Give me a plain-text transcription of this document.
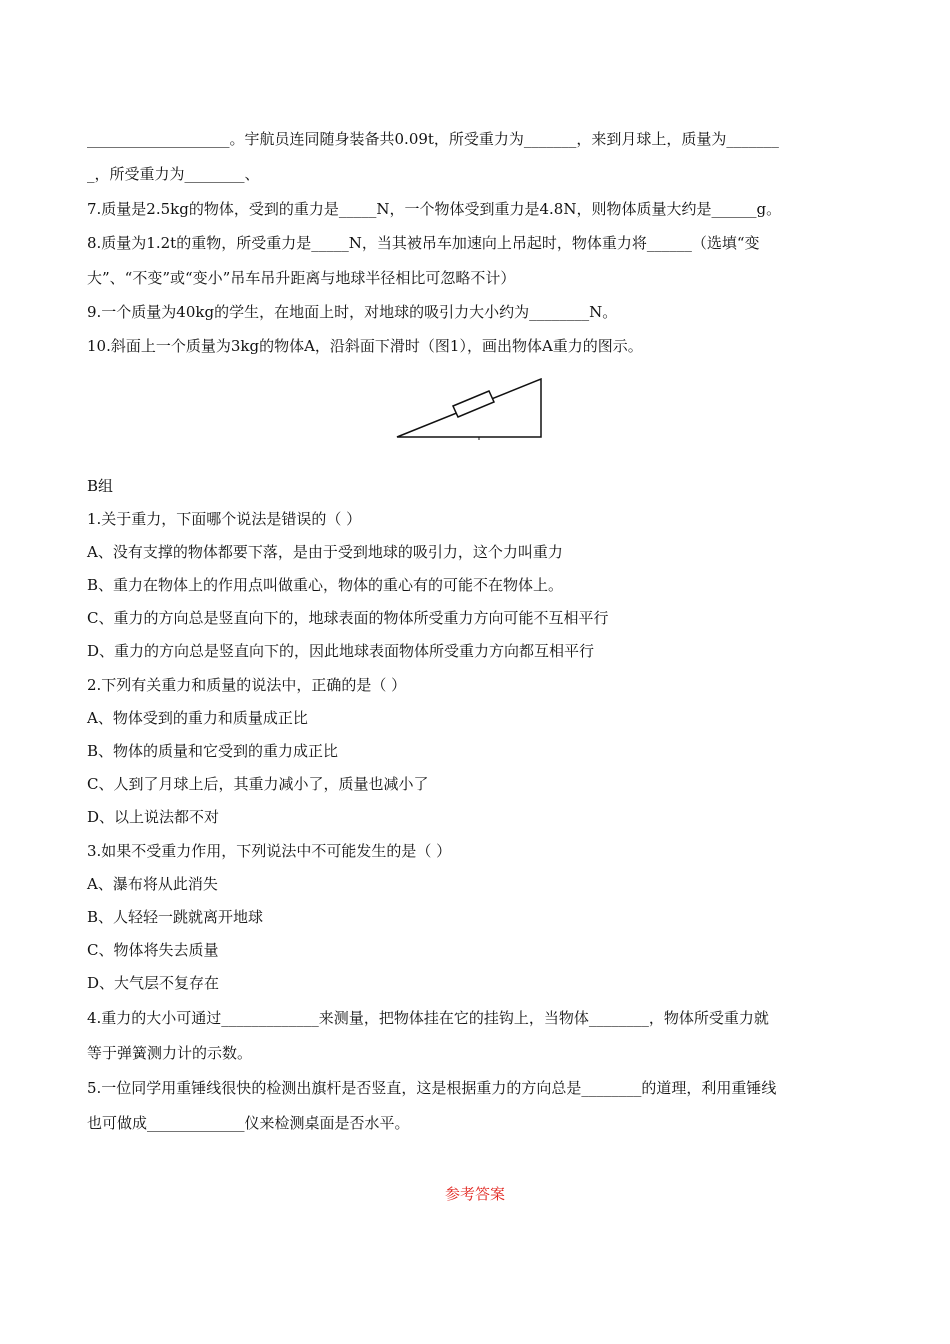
___________________。宇航员连同随身装备共0.09t，所受重力为_______，来到月球上，质量为_______
_，所受重力为________、
7.质量是2.5kg的物体，受到的重力是_____N，一个物体受到重力是4.8N，则物体质量大约是______g。
8.质量为1.2t的重物，所受重力是_____N，当其被吊车加速向上吊起时，物体重力将______（选填“变
大”、“不变”或“变小”吊车吊升距离与地球半径相比可忽略不计）
9.一个质量为40kg的学生，在地面上时，对地球的吸引力大小约为________N。
10.斜面上一个质量为3kg的物体A，沿斜面下滑时（图1），画出物体A重力的图示。
B组
1.关于重力，下面哪个说法是错误的（ ）
A、没有支撑的物体都要下落，是由于受到地球的吸引力，这个力叫重力
B、重力在物体上的作用点叫做重心，物体的重心有的可能不在物体上。
C、重力的方向总是竖直向下的，地球表面的物体所受重力方向可能不互相平行
D、重力的方向总是竖直向下的，因此地球表面物体所受重力方向都互相平行
2.下列有关重力和质量的说法中，正确的是（ ）
A、物体受到的重力和质量成正比
B、物体的质量和它受到的重力成正比
C、人到了月球上后，其重力减小了，质量也减小了
D、以上说法都不对
3.如果不受重力作用，下列说法中不可能发生的是（ ）
A、瀑布将从此消失
B、人轻轻一跳就离开地球
C、物体将失去质量
D、大气层不复存在
4.重力的大小可通过_____________来测量，把物体挂在它的挂钩上，当物体________，物体所受重力就
等于弹簧测力计的示数。
5.一位同学用重锤线很快的检测出旗杆是否竖直，这是根据重力的方向总是________的道理，利用重锤线
也可做成_____________仪来检测桌面是否水平。
参考答案
